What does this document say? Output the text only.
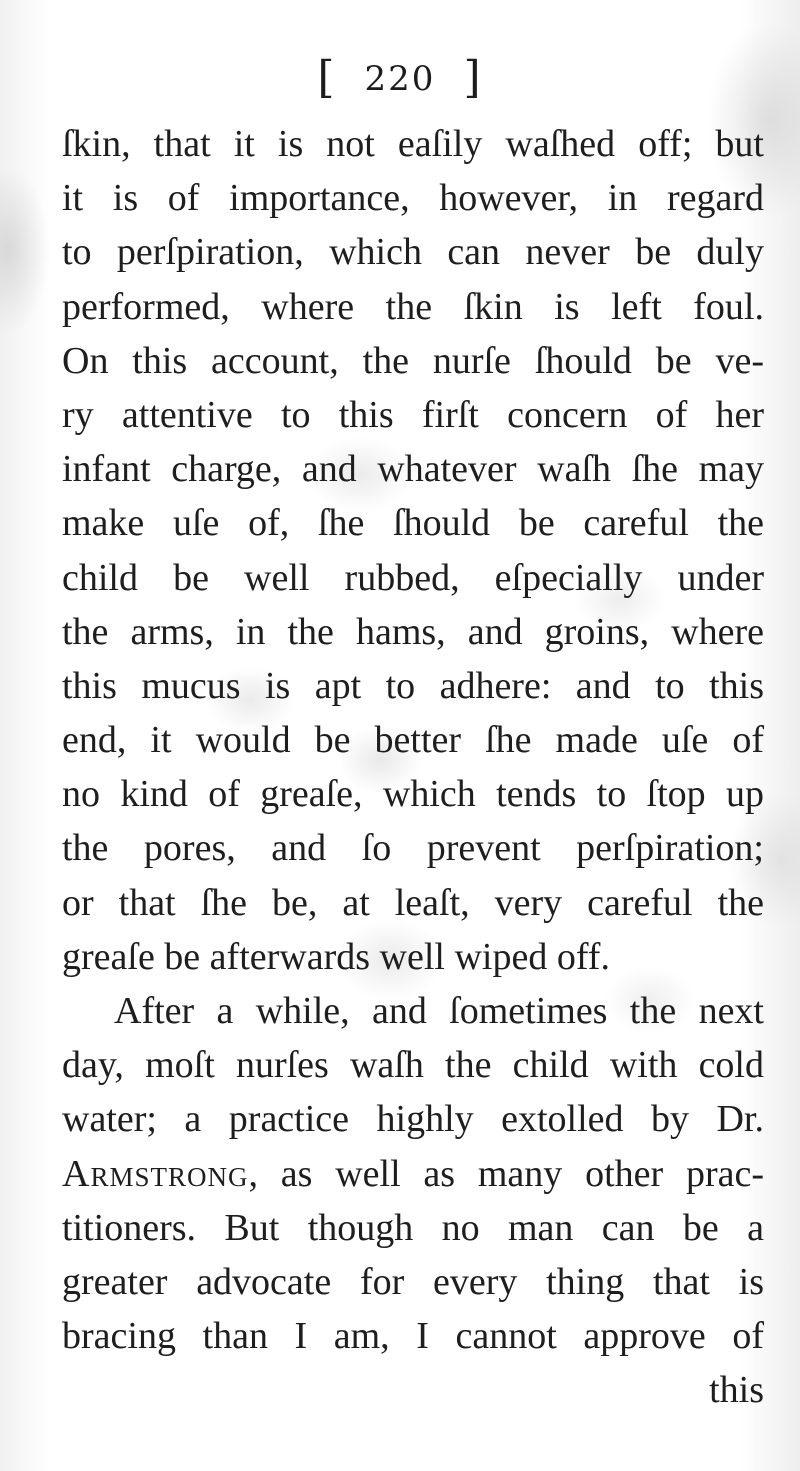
[ 220 ]
ſkin, that it is not eaſily waſhed off; but
it is of importance, however, in regard
to perſpiration, which can never be duly
performed, where the ſkin is left foul.
On this account, the nurſe ſhould be ve-
ry attentive to this firſt concern of her
infant charge, and whatever waſh ſhe may
make uſe of, ſhe ſhould be careful the
child be well rubbed, eſpecially under
the arms, in the hams, and groins, where
this mucus is apt to adhere: and to this
end, it would be better ſhe made uſe of
no kind of greaſe, which tends to ſtop up
the pores, and ſo prevent perſpiration;
or that ſhe be, at leaſt, very careful the
greaſe be afterwards well wiped off.
After a while, and ſometimes the next
day, moſt nurſes waſh the child with cold
water; a practice highly extolled by Dr.
Armstrong, as well as many other prac-
titioners. But though no man can be a
greater advocate for every thing that is
bracing than I am, I cannot approve of
this
